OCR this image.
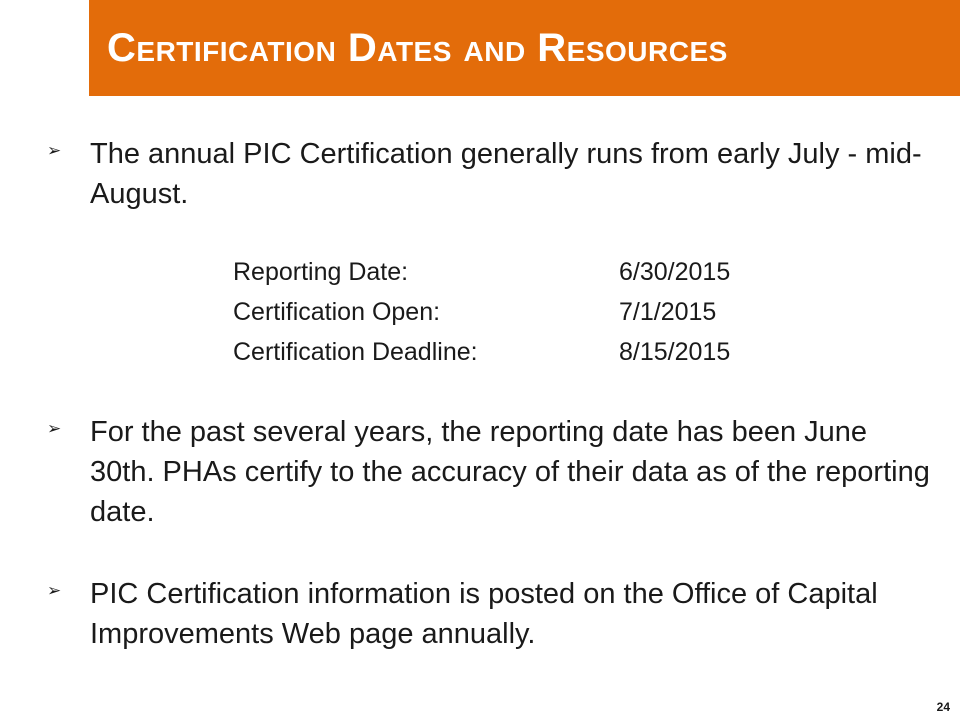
Certification Dates and Resources
➢ The annual PIC Certification generally runs from early July - mid-August.
Reporting Date:	6/30/2015
Certification Open:	7/1/2015
Certification Deadline:	8/15/2015
➢ For the past several years, the reporting date has been June 30th. PHAs certify to the accuracy of their data as of the reporting date.
➢ PIC Certification information is posted on the Office of Capital Improvements Web page annually.
24
